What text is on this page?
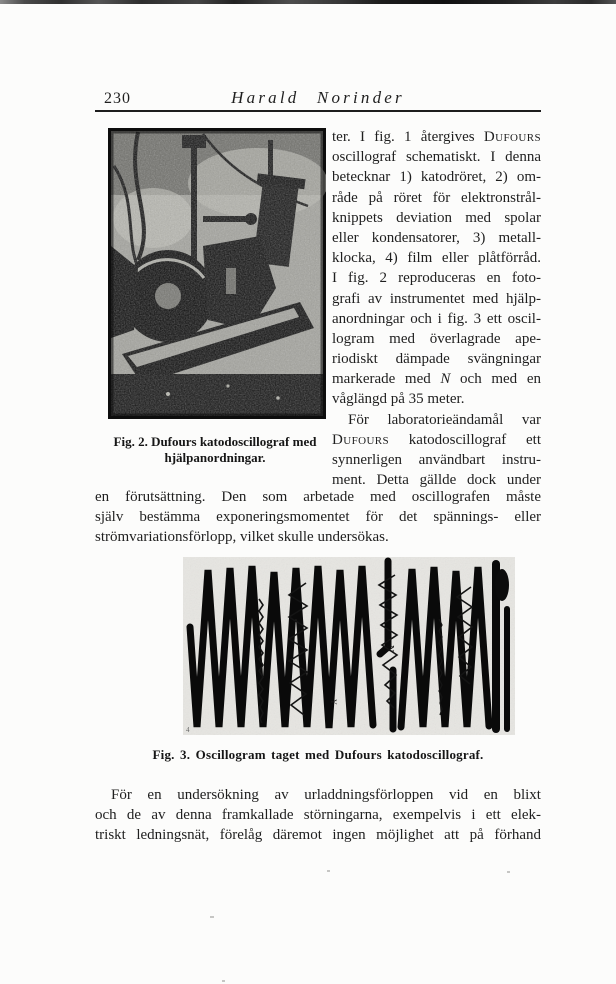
230	Harald Norinder
Fig. 2. Dufours katodoscillograf med
hjälpanordningar.
ter. I fig. 1 återgives Dufours
oscillograf schematiskt. I denna
betecknar 1) katodröret, 2) om-
råde på röret för elektronstrål-
knippets deviation med spolar
eller kondensatorer, 3) metall-
klocka, 4) film eller plåtförråd.
I fig. 2 reproduceras en foto-
grafi av instrumentet med hjälp-
anordningar och i fig. 3 ett oscil-
logram med överlagrade ape-
riodiskt dämpade svängningar
markerade med N och med en
våglängd på 35 meter.
För laboratorieändamål var
Dufours katodoscillograf ett
synnerligen användbart instru-
ment. Detta gällde dock under
en förutsättning. Den som arbetade med oscillografen måste
själv bestämma exponeringsmomentet för det spännings- eller
strömvariationsförlopp, vilket skulle undersökas.
N
Y
4
Fig. 3. Oscillogram taget med Dufours katodoscillograf.
För en undersökning av urladdningsförloppen vid en blixt
och de av denna framkallade störningarna, exempelvis i ett elek-
triskt ledningsnät, förelåg däremot ingen möjlighet att på förhand
